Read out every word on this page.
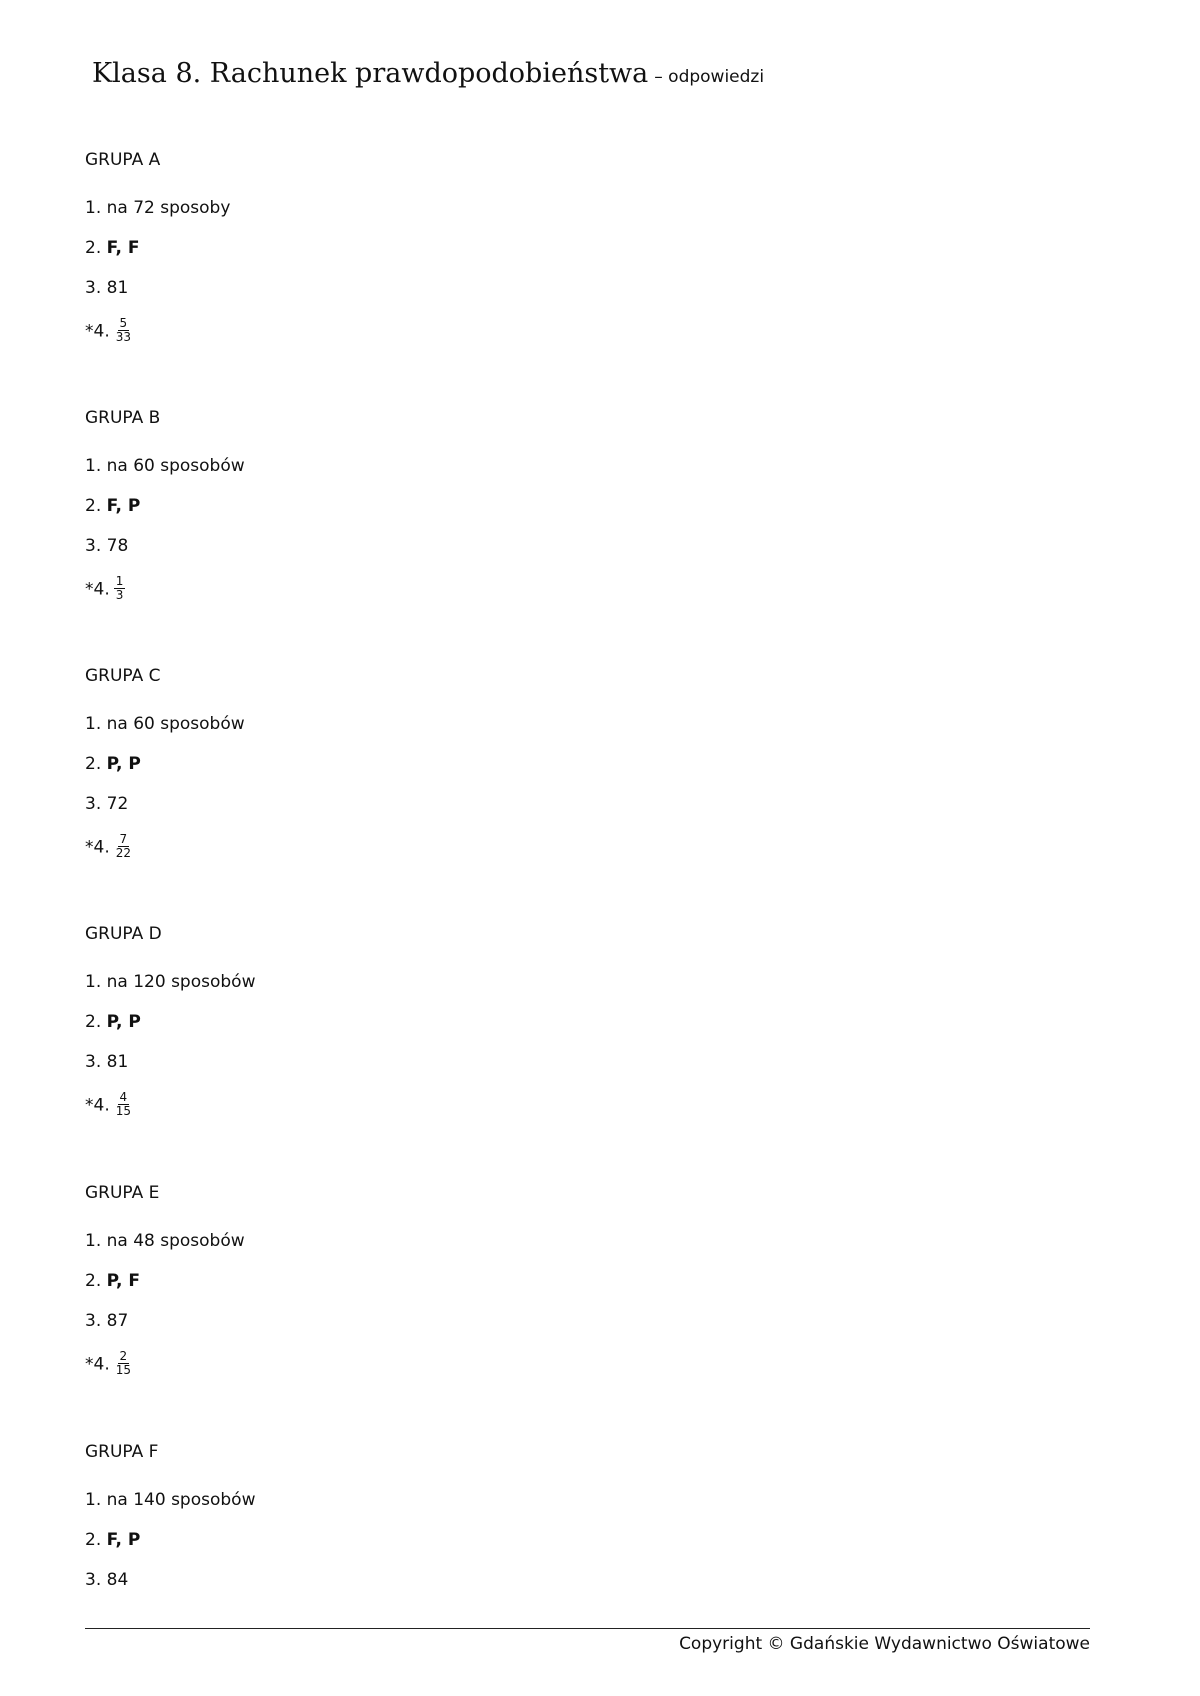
Klasa 8. Rachunek prawdopodobieństwa – odpowiedzi
GRUPA A
1. na 72 sposoby
2. F, F
3. 81
*4. $\frac{5}{33}$
GRUPA B
1. na 60 sposobów
2. F, P
3. 78
*4. $\frac{1}{3}$
GRUPA C
1. na 60 sposobów
2. P, P
3. 72
*4. $\frac{7}{22}$
GRUPA D
1. na 120 sposobów
2. P, P
3. 81
*4. $\frac{4}{15}$
GRUPA E
1. na 48 sposobów
2. P, F
3. 87
*4. $\frac{2}{15}$
GRUPA F
1. na 140 sposobów
2. F, P
3. 84
Copyright © Gdańskie Wydawnictwo Oświatowe
